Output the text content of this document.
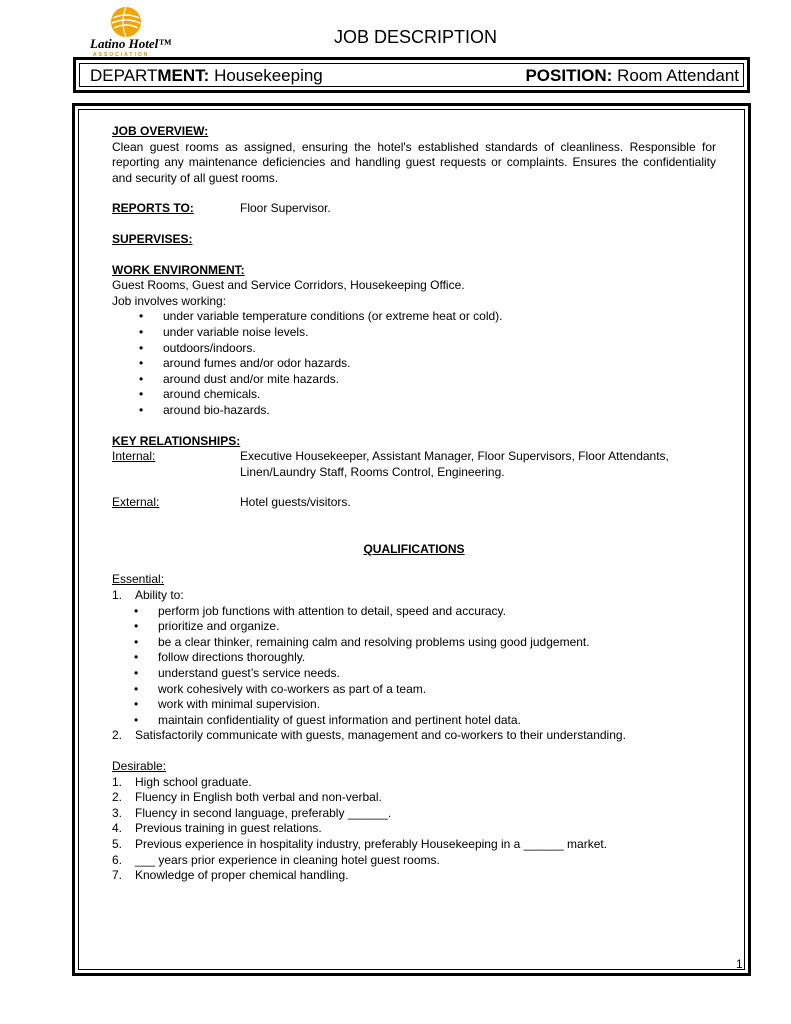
Latino Hotel™
ASSOCIATION
JOB DESCRIPTION
DEPARTMENT: Housekeeping	POSITION: Room Attendant
JOB OVERVIEW:
Clean guest rooms as assigned, ensuring the hotel's established standards of cleanliness. Responsible for reporting any maintenance deficiencies and handling guest requests or complaints. Ensures the confidentiality and security of all guest rooms.
REPORTS TO:	Floor Supervisor.
SUPERVISES:
WORK ENVIRONMENT:
Guest Rooms, Guest and Service Corridors, Housekeeping Office.
Job involves working:
• under variable temperature conditions (or extreme heat or cold).
• under variable noise levels.
• outdoors/indoors.
• around fumes and/or odor hazards.
• around dust and/or mite hazards.
• around chemicals.
• around bio-hazards.
KEY RELATIONSHIPS:
Internal:	Executive Housekeeper, Assistant Manager, Floor Supervisors, Floor Attendants, Linen/Laundry Staff, Rooms Control, Engineering.
External:	Hotel guests/visitors.
QUALIFICATIONS
Essential:
1. Ability to:
• perform job functions with attention to detail, speed and accuracy.
• prioritize and organize.
• be a clear thinker, remaining calm and resolving problems using good judgement.
• follow directions thoroughly.
• understand guest’s service needs.
• work cohesively with co-workers as part of a team.
• work with minimal supervision.
• maintain confidentiality of guest information and pertinent hotel data.
2. Satisfactorily communicate with guests, management and co-workers to their understanding.
Desirable:
1. High school graduate.
2. Fluency in English both verbal and non-verbal.
3. Fluency in second language, preferably ______.
4. Previous training in guest relations.
5. Previous experience in hospitality industry, preferably Housekeeping in a ______ market.
6. ___ years prior experience in cleaning hotel guest rooms.
7. Knowledge of proper chemical handling.
1
